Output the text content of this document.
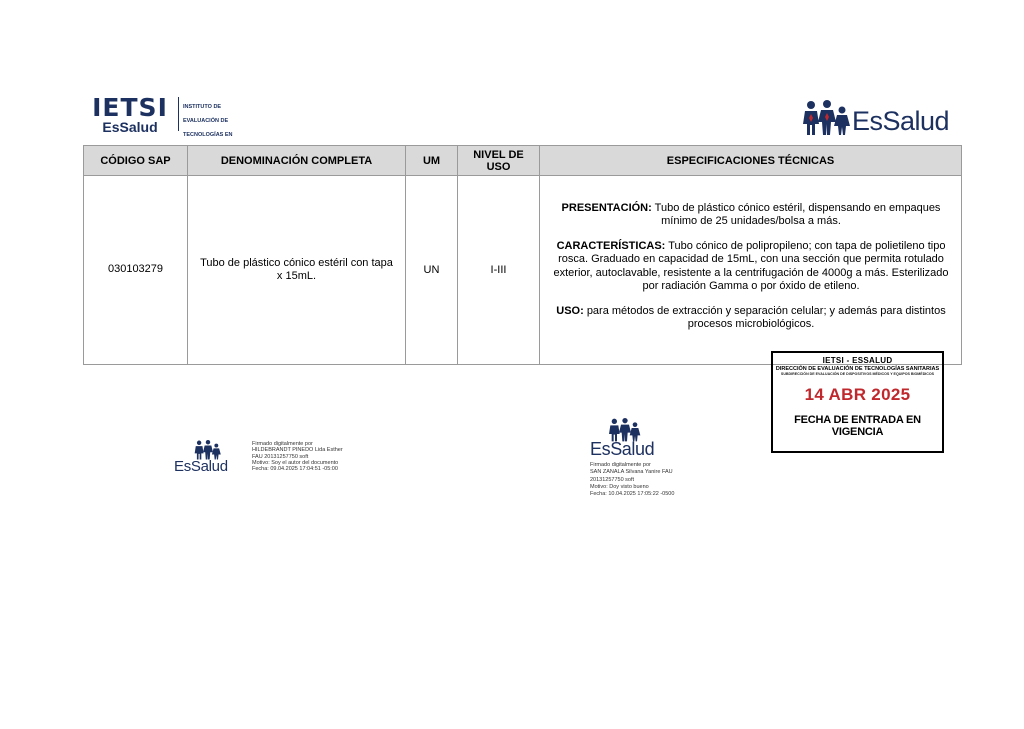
IETSI
EsSalud

INSTITUTO DE

EVALUACIÓN DE

TECNOLOGÍAS EN	EsSalud
CÓDIGO SAP	DENOMINACIÓN COMPLETA	UM	NIVEL DE USO	ESPECIFICACIONES TÉCNICAS

030103279	Tubo de plástico cónico estéril con tapa x 15mL.	UN	I-III	PRESENTACIÓN: Tubo de plástico cónico estéril, dispensando en empaques mínimo de 25 unidades/bolsa a más.

CARACTERÍSTICAS: Tubo cónico de polipropileno; con tapa de polietileno tipo rosca. Graduado en capacidad de 15mL, con una sección que permita rotulado exterior, autoclavable, resistente a la centrifugación de 4000g a más. Esterilizado por radiación Gamma o por óxido de etileno.

USO: para métodos de extracción y separación celular; y además para distintos procesos microbiológicos.

IETSI - ESSALUD
DIRECCIÓN DE EVALUACIÓN DE TECNOLOGÍAS SANITARIAS
SUBDIRECCIÓN DE EVALUACIÓN DE DISPOSITIVOS MÉDICOS Y EQUIPOS BIOMÉDICOS
14 ABR 2025
FECHA DE ENTRADA EN VIGENCIA
EsSalud
Firmado digitalmente por
HILDEBRANDT PINEDO Lida Esther
FAU 20131257750 soft
Motivo: Soy el autor del documento
Fecha: 09.04.2025 17:04:51 -05:00
EsSalud
Firmado digitalmente por
SAN ZANALA Silvana Yanire FAU
20131257750 soft
Motivo: Doy visto bueno
Fecha: 10.04.2025 17:05:22 -0500
